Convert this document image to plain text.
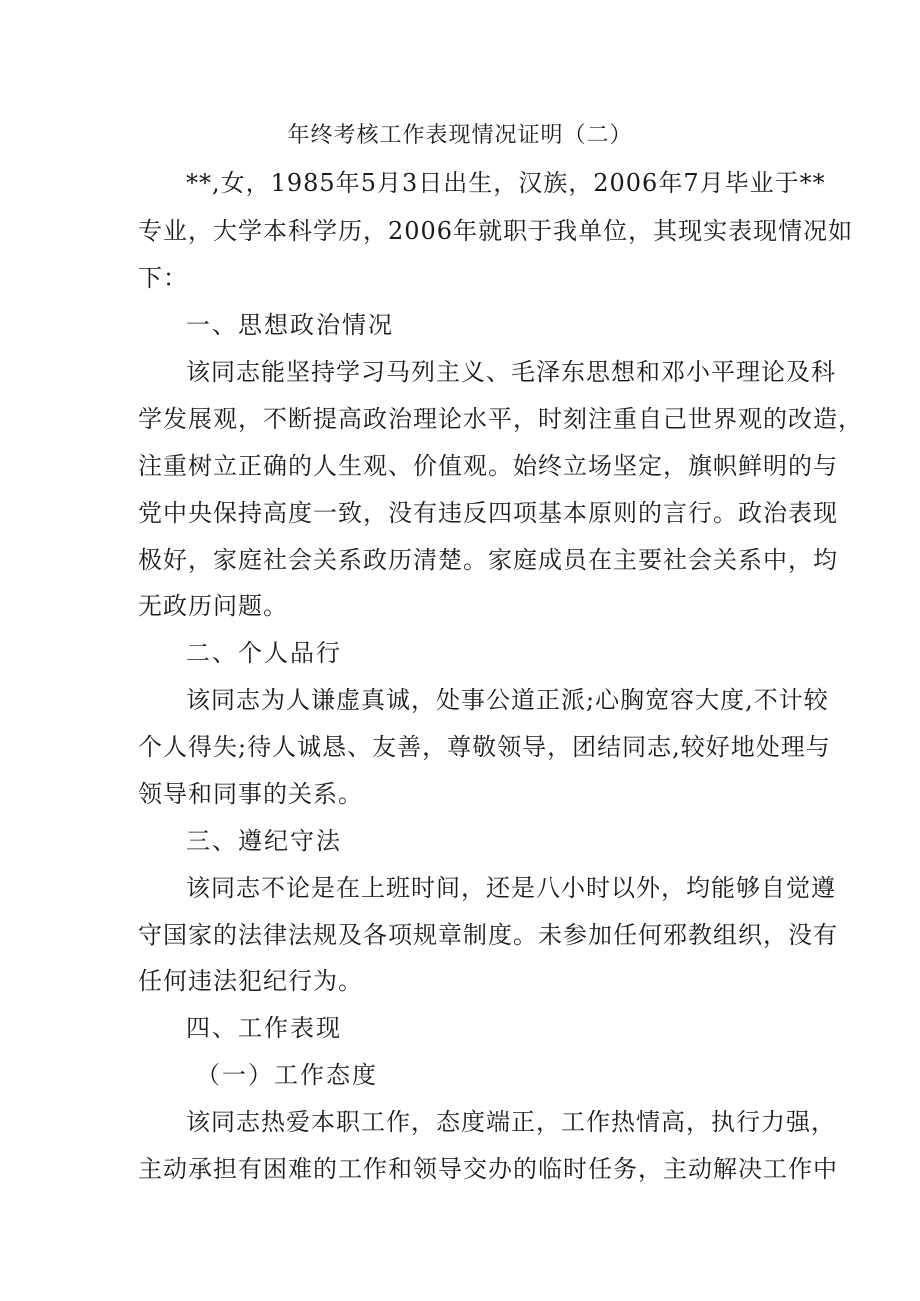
年终考核工作表现情况证明（二）
**,女，1985年5月3日出生，汉族，2006年7月毕业于**
专业，大学本科学历，2006年就职于我单位，其现实表现情况如
下：
一、思想政治情况
该同志能坚持学习马列主义、毛泽东思想和邓小平理论及科
学发展观，不断提高政治理论水平，时刻注重自己世界观的改造，
注重树立正确的人生观、价值观。始终立场坚定，旗帜鲜明的与
党中央保持高度一致，没有违反四项基本原则的言行。政治表现
极好，家庭社会关系政历清楚。家庭成员在主要社会关系中，均
无政历问题。
二、个人品行
该同志为人谦虚真诚，处事公道正派;心胸宽容大度,不计较
个人得失;待人诚恳、友善，尊敬领导，团结同志,较好地处理与
领导和同事的关系。
三、遵纪守法
该同志不论是在上班时间，还是八小时以外，均能够自觉遵
守国家的法律法规及各项规章制度。未参加任何邪教组织，没有
任何违法犯纪行为。
四、工作表现
（一）工作态度
该同志热爱本职工作，态度端正，工作热情高，执行力强，
主动承担有困难的工作和领导交办的临时任务，主动解决工作中
